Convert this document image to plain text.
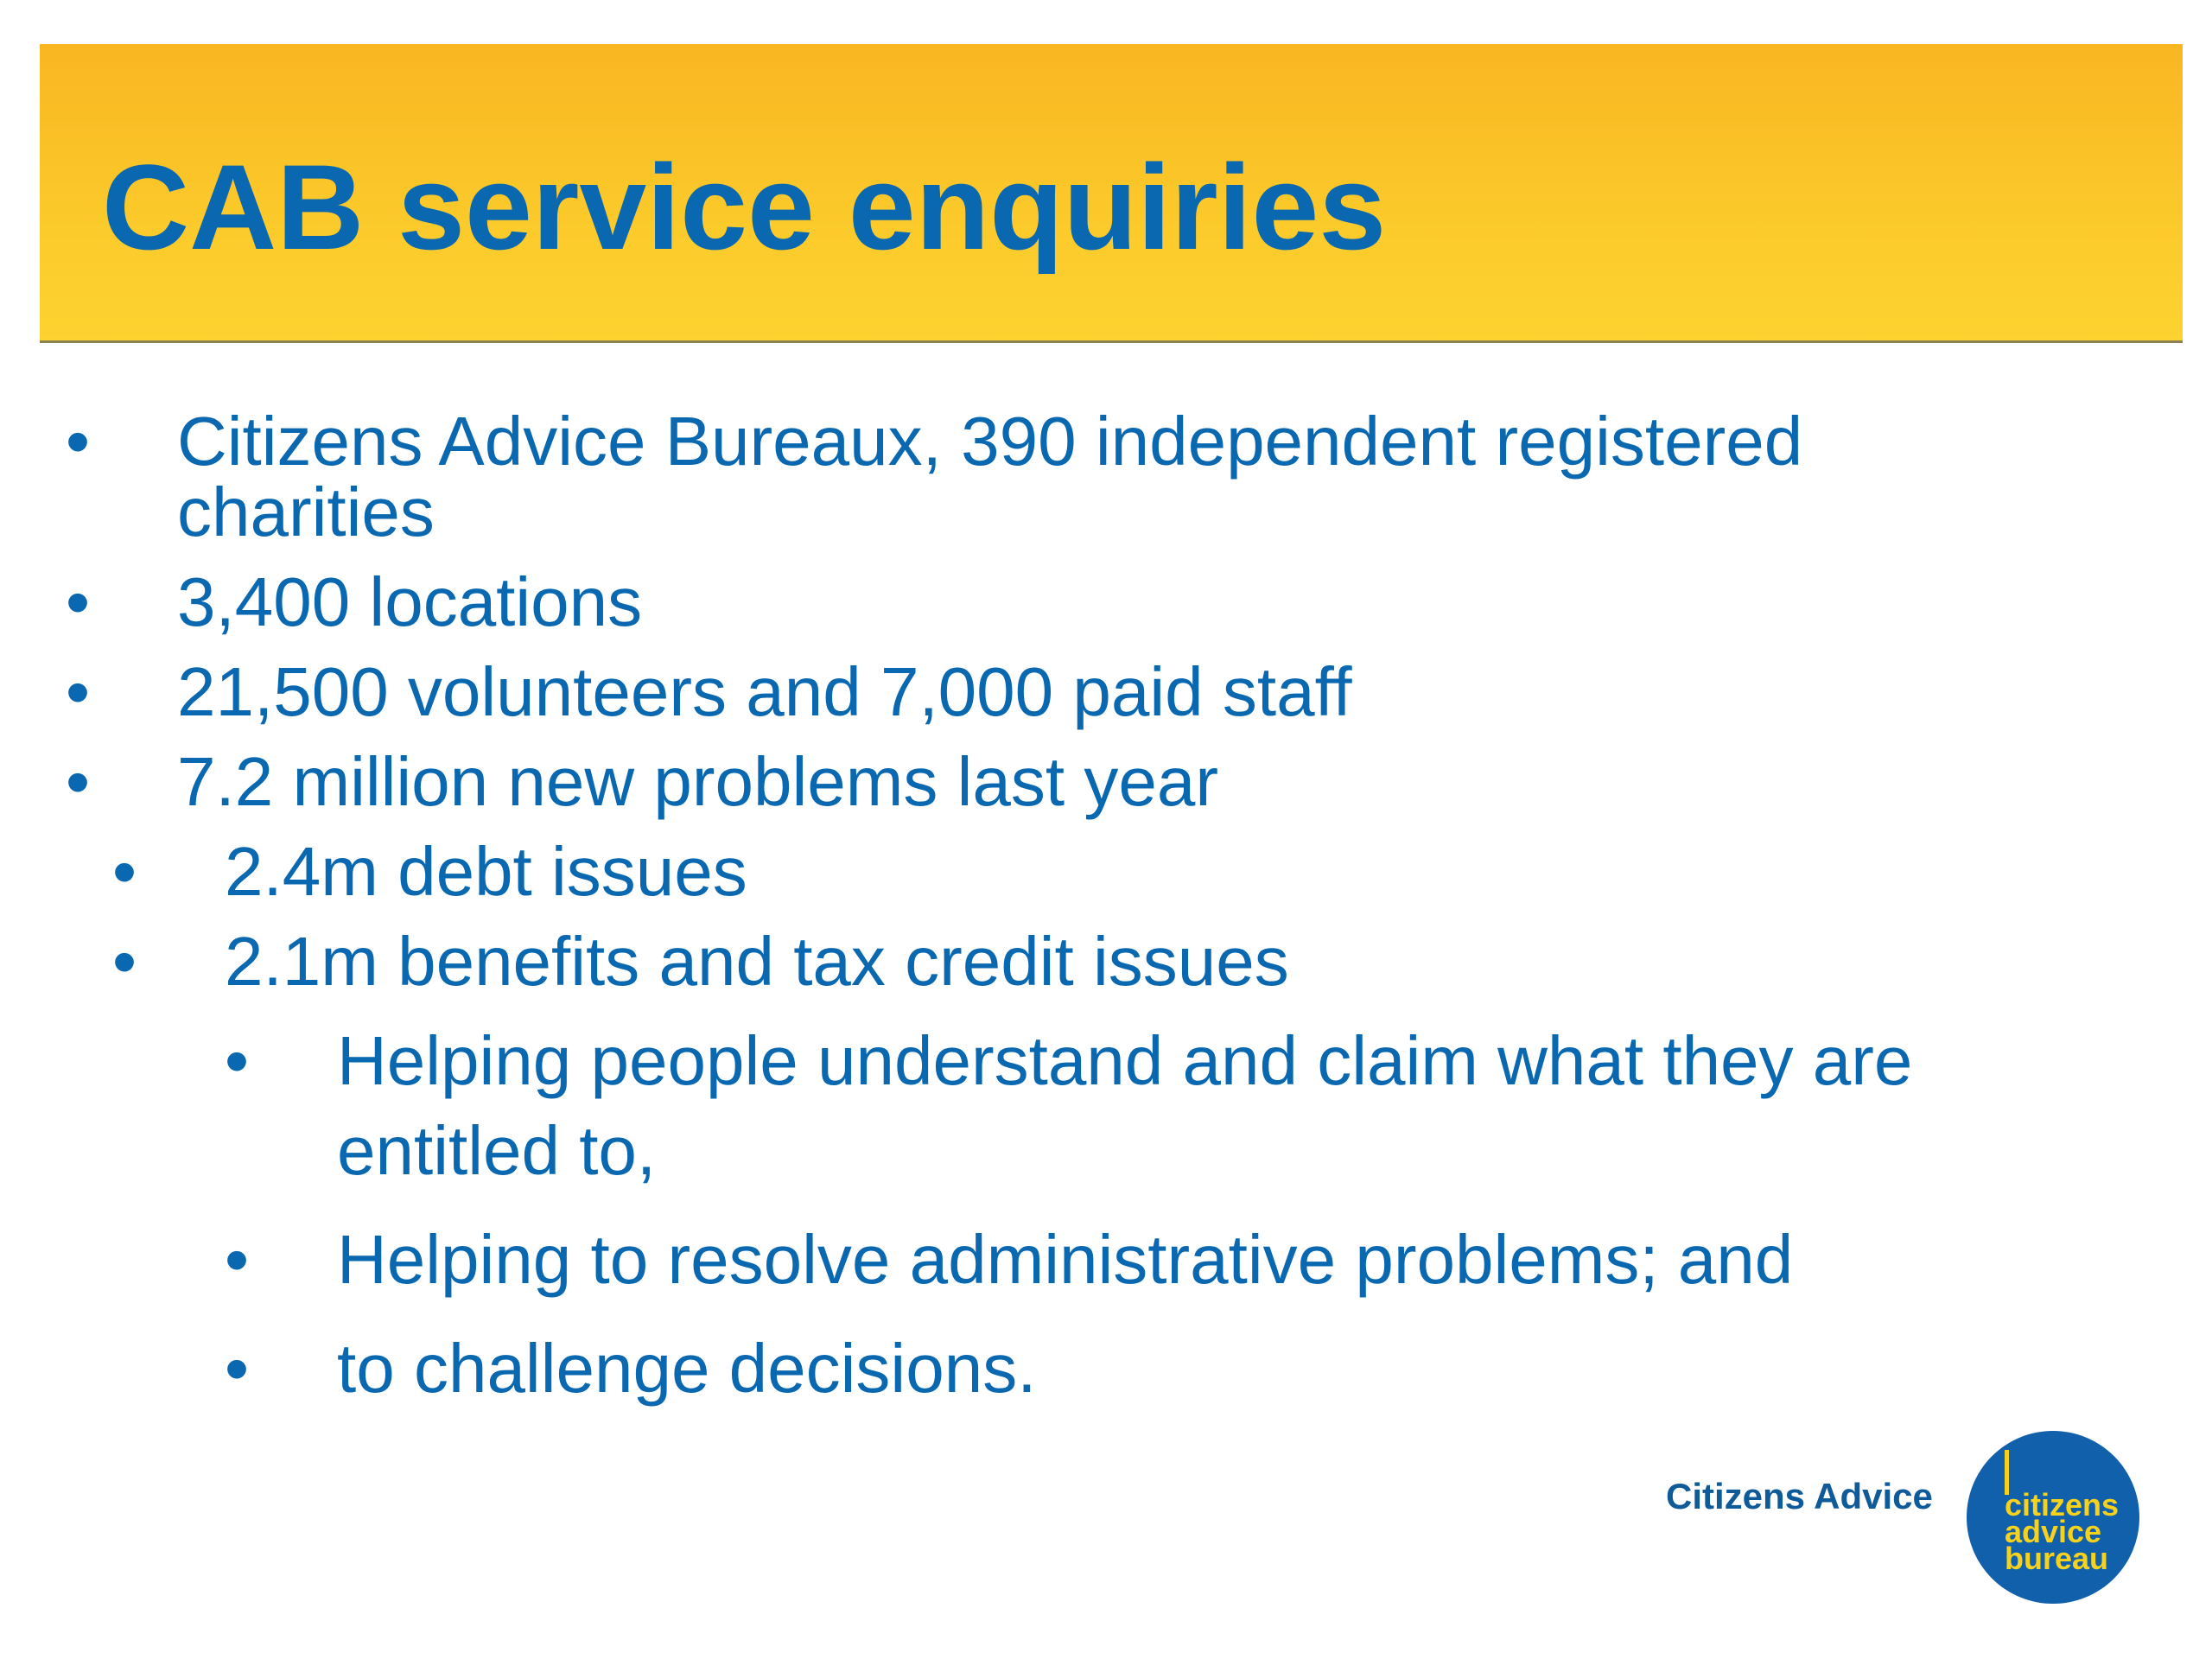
CAB service enquiries
• Citizens Advice Bureaux, 390 independent registered
charities
• 3,400 locations
• 21,500 volunteers and 7,000 paid staff
• 7.2 million new problems last year
• 2.4m debt issues
• 2.1m benefits and tax credit issues
• Helping people understand and claim what they are
entitled to,
• Helping to resolve administrative problems; and
• to challenge decisions.
Citizens Advice citizens
advice
bureau
